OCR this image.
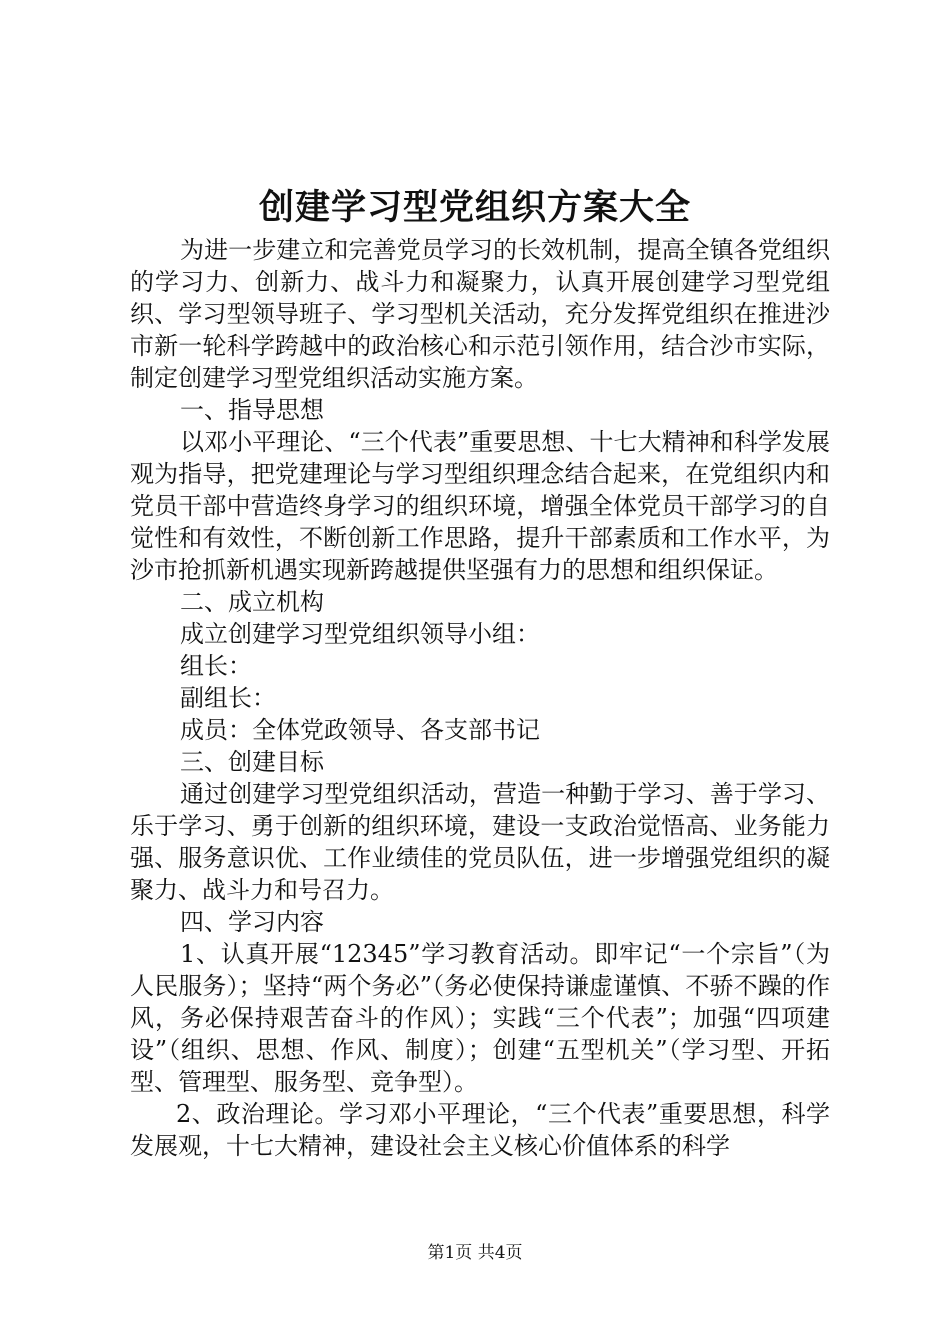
创建学习型党组织方案大全

为进一步建立和完善党员学习的长效机制，提高全镇各党组织的学习力、创新力、战斗力和凝聚力，认真开展创建学习型党组织、学习型领导班子、学习型机关活动，充分发挥党组织在推进沙市新一轮科学跨越中的政治核心和示范引领作用，结合沙市实际，制定创建学习型党组织活动实施方案。

一、指导思想

以邓小平理论、“三个代表”重要思想、十七大精神和科学发展观为指导，把党建理论与学习型组织理念结合起来，在党组织内和党员干部中营造终身学习的组织环境，增强全体党员干部学习的自觉性和有效性，不断创新工作思路，提升干部素质和工作水平，为沙市抢抓新机遇实现新跨越提供坚强有力的思想和组织保证。

二、成立机构

成立创建学习型党组织领导小组：

组长：

副组长：

成员：全体党政领导、各支部书记

三、创建目标

通过创建学习型党组织活动，营造一种勤于学习、善于学习、乐于学习、勇于创新的组织环境，建设一支政治觉悟高、业务能力强、服务意识优、工作业绩佳的党员队伍，进一步增强党组织的凝聚力、战斗力和号召力。

四、学习内容

1、认真开展“12345”学习教育活动。即牢记“一个宗旨”（为人民服务）；坚持“两个务必”（务必使保持谦虚谨慎、不骄不躁的作风，务必保持艰苦奋斗的作风）；实践“三个代表”；加强“四项建设”（组织、思想、作风、制度）；创建“五型机关”（学习型、开拓型、管理型、服务型、竞争型）。

2、政治理论。学习邓小平理论，“三个代表”重要思想，科学发展观，十七大精神，建设社会主义核心价值体系的科学

第1页 共4页
